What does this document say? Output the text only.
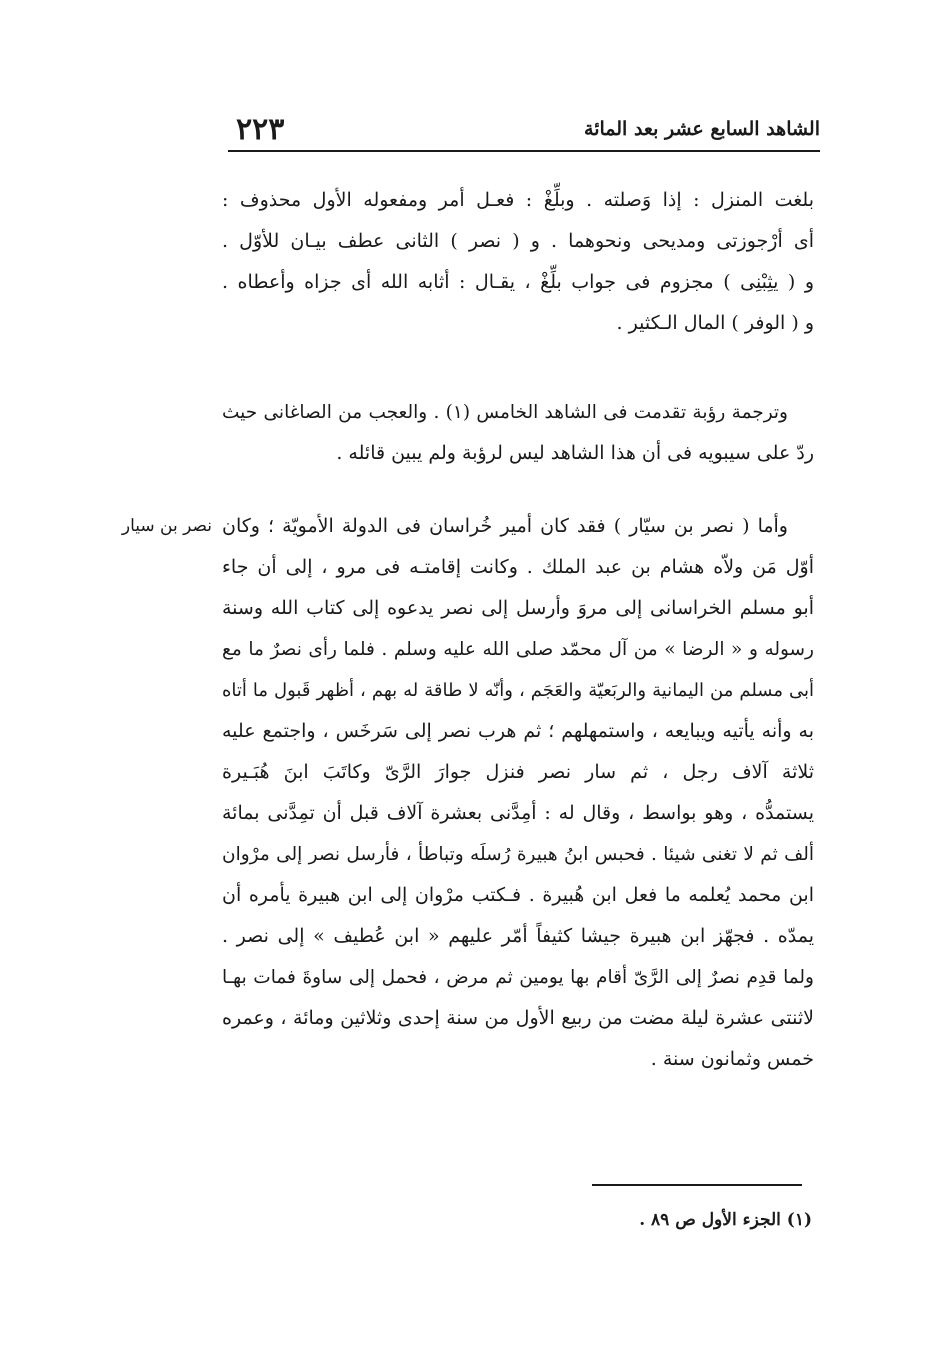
الشاهد السابع عشر بعد المائة
٢٢٣
بلغت المنزل : إذا وَصلته . وبلِّغْ : فعـل أمر ومفعوله الأول محذوف :
أى أرْجوزتى ومديحى ونحوهما . و ( نصر ) الثانى عطف بيـان للأوّل .
و ( يثِبْنِى ) مجزوم فى جواب بلِّغْ ، يقـال : أثابه الله أى جزاه وأعطاه .
و ( الوفر ) المال الـكثير .
وترجمة رؤبة تقدمت فى الشاهد الخامس (١) . والعجب من الصاغانى حيث
ردّ على سيبويه فى أن هذا الشاهد ليس لرؤبة ولم يبين قائله .
نصر بن سيار وأما ( نصر بن سيّار ) فقد كان أمير خُراسان فى الدولة الأمويّة ؛ وكان
أوّل مَن ولاّه هشام بن عبد الملك . وكانت إقامتـه فى مرو ، إلى أن جاء
أبو مسلم الخراسانى إلى مروَ وأرسل إلى نصر يدعوه إلى كتاب الله وسنة
رسوله و « الرضا » من آل محمّد صلى الله عليه وسلم . فلما رأى نصرٌ ما مع
أبى مسلم من اليمانية والربَعيّة والعَجَم ، وأنّه لا طاقة له بهم ، أظهر قَبول ما أتاه
به وأنه يأتيه ويبايعه ، واستمهلهم ؛ ثم هرب نصر إلى سَرخَس ، واجتمع عليه
ثلاثة آلاف رجل ، ثم سار نصر فنزل جوارَ الرَّىّ وكاتَبَ ابنَ هُبَـيرة
يستمدُّه ، وهو بواسط ، وقال له : أمِدَّنى بعشرة آلاف قبل أن تمِدَّنى بمائة
ألف ثم لا تغنى شيئا . فحبس ابنُ هبيرة رُسلَه وتباطأ ، فأرسل نصر إلى مرْوان
ابن محمد يُعلمه ما فعل ابن هُبيرة . فـكتب مرْوان إلى ابن هبيرة يأمره أن
يمدّه . فجهّز ابن هبيرة جيشا كثيفاً أمّر عليهم « ابن عُطيف » إلى نصر .
ولما قدِم نصرٌ إلى الرَّىّ أقام بها يومين ثم مرض ، فحمل إلى ساوةَ فمات بهـا
لاثنتى عشرة ليلة مضت من ربيع الأول من سنة إحدى وثلاثين ومائة ، وعمره
خمس وثمانون سنة .
(١) الجزء الأول ص ٨٩ .
